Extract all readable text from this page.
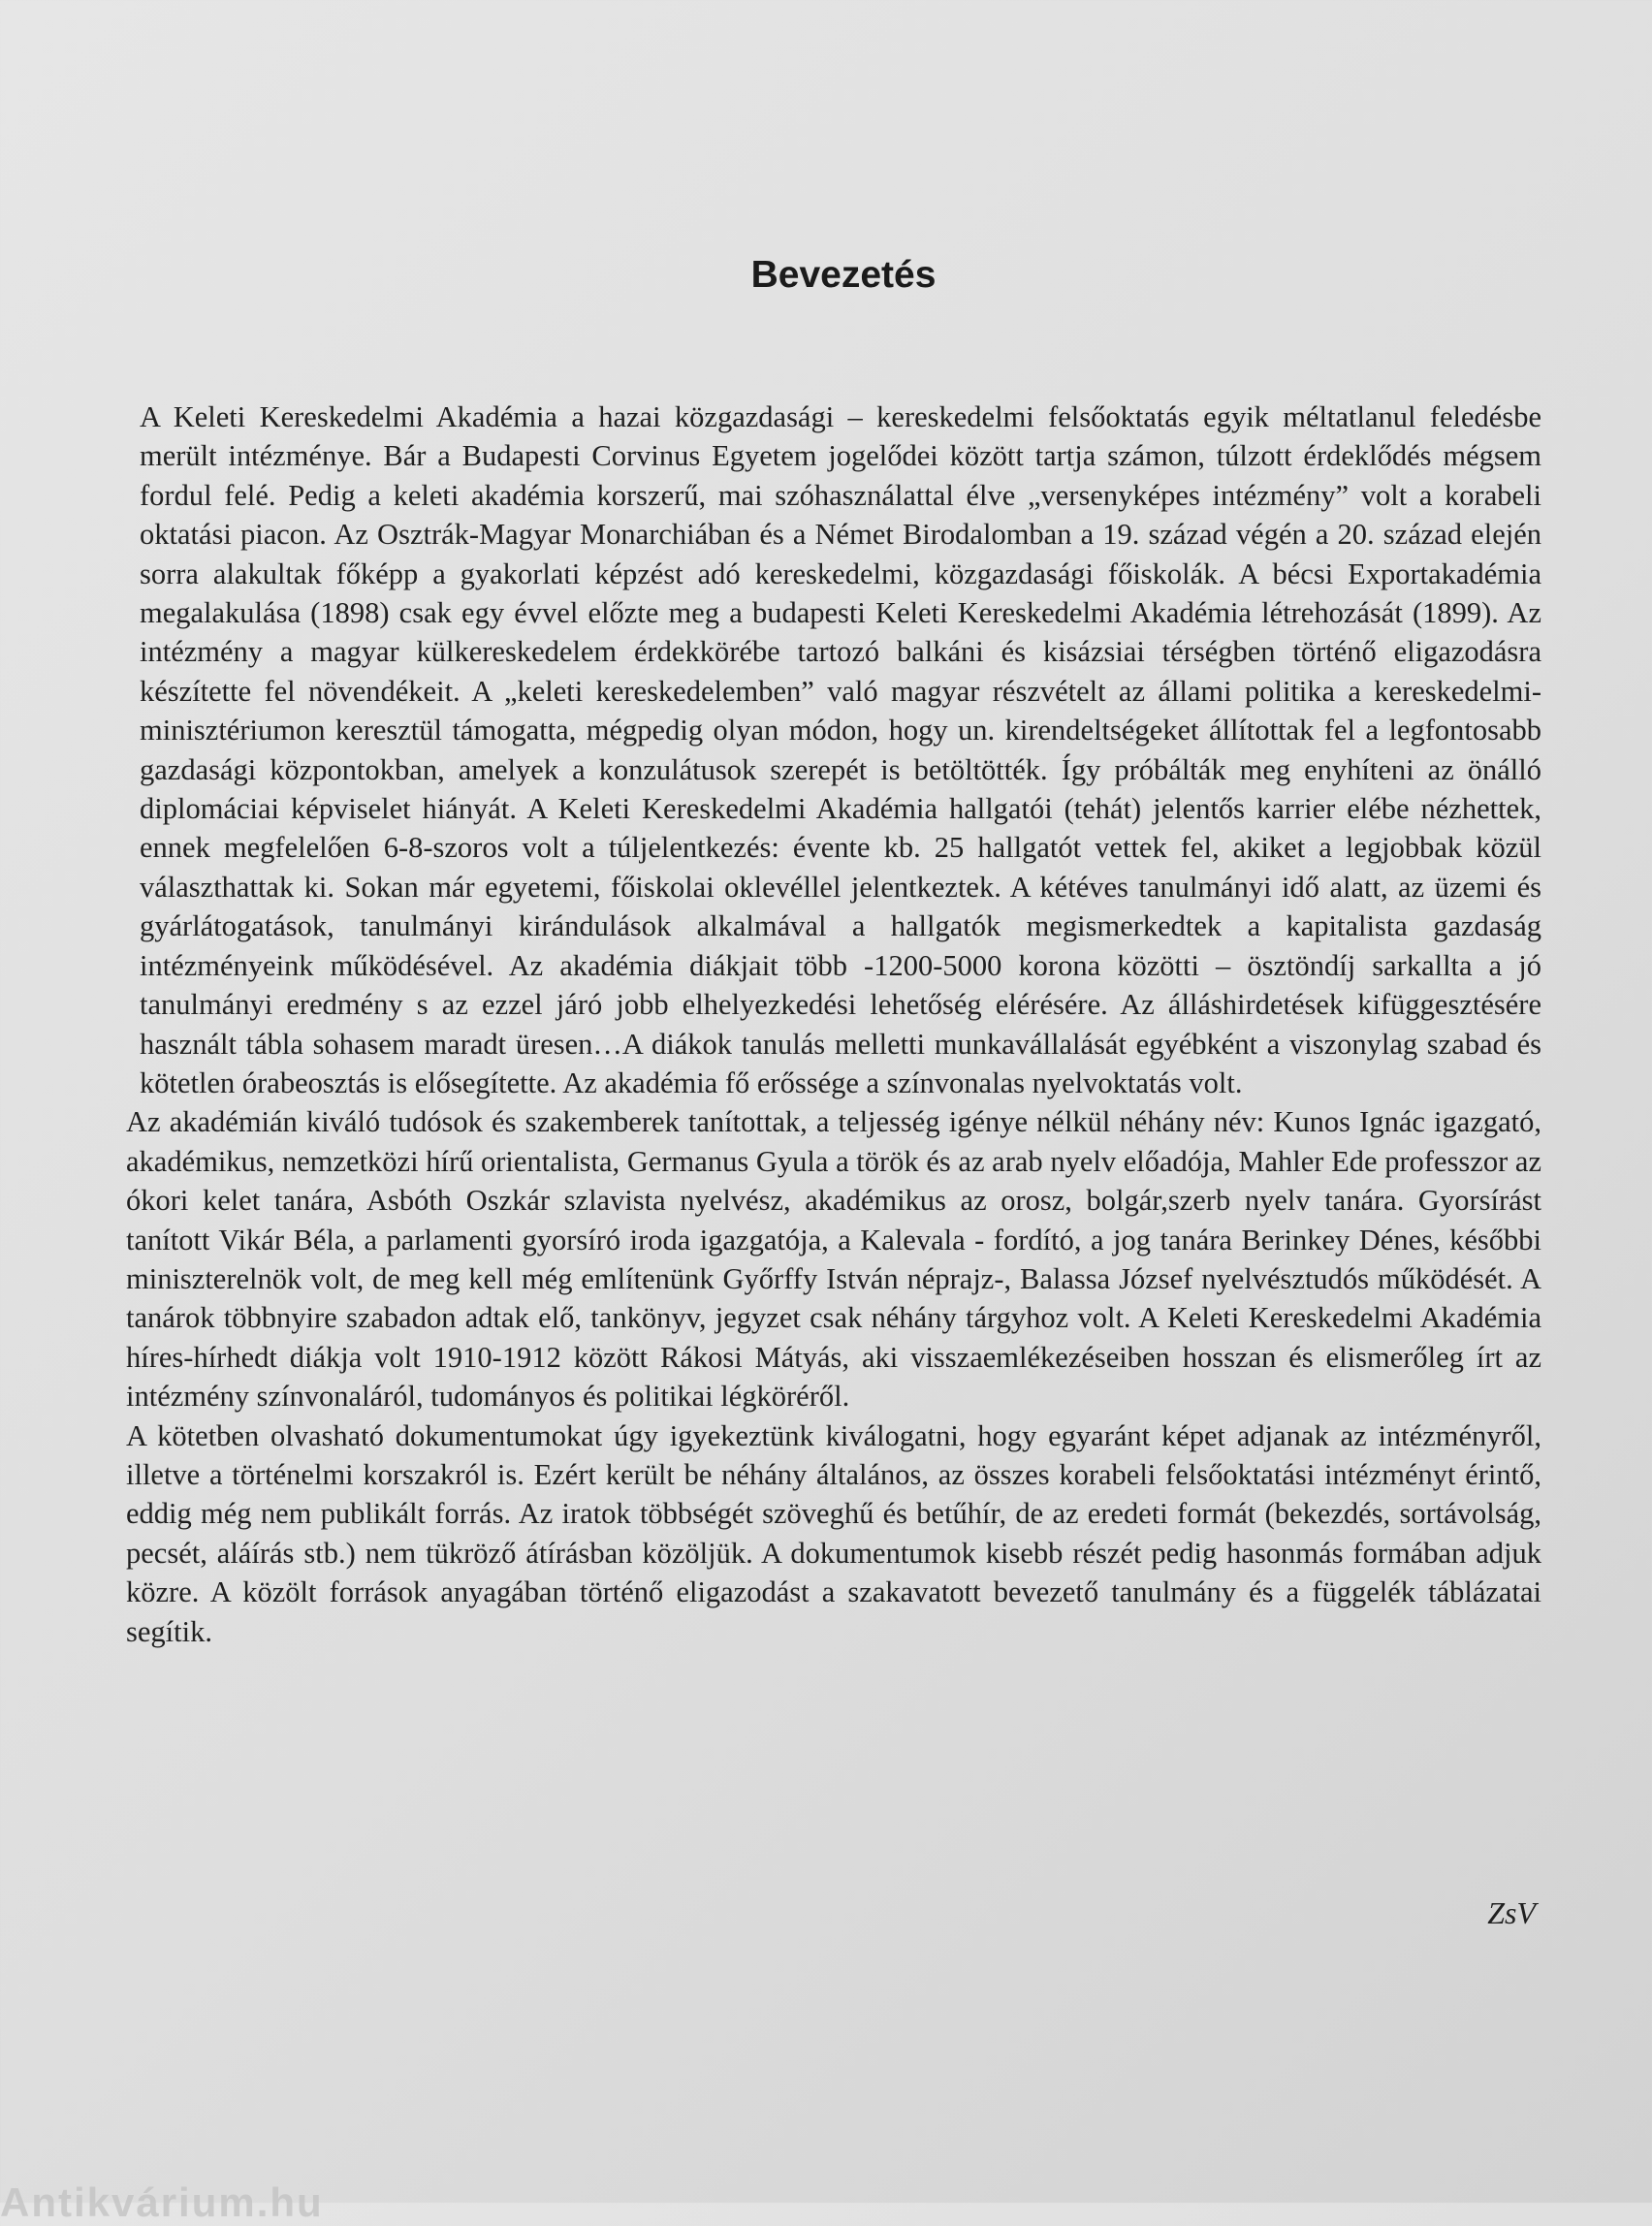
Bevezetés

A Keleti Kereskedelmi Akadémia a hazai közgazdasági – kereskedelmi felsőoktatás egyik méltatlanul feledésbe merült intézménye. Bár a Budapesti Corvinus Egyetem jogelődei között tartja számon, túlzott érdeklődés mégsem fordul felé. Pedig a keleti akadémia korszerű, mai szóhasználattal élve „versenyképes intézmény” volt a korabeli oktatási piacon. Az Osztrák-Magyar Monarchiában és a Német Birodalomban a 19. század végén a 20. század elején sorra alakultak főképp a gyakorlati képzést adó kereskedelmi, közgazdasági főiskolák. A bécsi Exportakadémia megalakulása (1898) csak egy évvel előzte meg a budapesti Keleti Kereskedelmi Akadémia létrehozását (1899). Az intézmény a magyar külkereskedelem érdekkörébe tartozó balkáni és kisázsiai térségben történő eligazodásra készítette fel növendékeit. A „keleti kereskedelemben” való magyar részvételt az állami politika a kereskedelmi-minisztériumon keresztül támogatta, mégpedig olyan módon, hogy un. kirendeltségeket állítottak fel a legfontosabb gazdasági központokban, amelyek a konzulátusok szerepét is betöltötték. Így próbálták meg enyhíteni az önálló diplomáciai képviselet hiányát. A Keleti Kereskedelmi Akadémia hallgatói (tehát) jelentős karrier elébe nézhettek, ennek megfelelően 6-8-szoros volt a túljelentkezés: évente kb. 25 hallgatót vettek fel, akiket a legjobbak közül választhattak ki. Sokan már egyetemi, főiskolai oklevéllel jelentkeztek. A kétéves tanulmányi idő alatt, az üzemi és gyárlátogatások, tanulmányi kirándulások alkalmával a hallgatók megismerkedtek a kapitalista gazdaság intézményeink működésével. Az akadémia diákjait több -1200-5000 korona közötti – ösztöndíj sarkallta a jó tanulmányi eredmény s az ezzel járó jobb elhelyezkedési lehetőség elérésére. Az álláshirdetések kifüggesztésére használt tábla sohasem maradt üresen…A diákok tanulás melletti munkavállalását egyébként a viszonylag szabad és kötetlen órabeosztás is elősegítette. Az akadémia fő erőssége a színvonalas nyelvoktatás volt.

Az akadémián kiváló tudósok és szakemberek tanítottak, a teljesség igénye nélkül néhány név: Kunos Ignác igazgató, akadémikus, nemzetközi hírű orientalista, Germanus Gyula a török és az arab nyelv előadója, Mahler Ede professzor az ókori kelet tanára, Asbóth Oszkár szlavista nyelvész, akadémikus az orosz, bolgár,szerb nyelv tanára. Gyorsírást tanított Vikár Béla, a parlamenti gyorsíró iroda igazgatója, a Kalevala - fordító, a jog tanára Berinkey Dénes, későbbi miniszterelnök volt, de meg kell még említenünk Győrffy István néprajz-, Balassa József nyelvésztudós működését. A tanárok többnyire szabadon adtak elő, tankönyv, jegyzet csak néhány tárgyhoz volt. A Keleti Kereskedelmi Akadémia híres-hírhedt diákja volt 1910-1912 között Rákosi Mátyás, aki visszaemlékezéseiben hosszan és elismerőleg írt az intézmény színvonaláról, tudományos és politikai légköréről.

A kötetben olvasható dokumentumokat úgy igyekeztünk kiválogatni, hogy egyaránt képet adjanak az intézményről, illetve a történelmi korszakról is. Ezért került be néhány általános, az összes korabeli felsőoktatási intézményt érintő, eddig még nem publikált forrás. Az iratok többségét szöveghű és betűhír, de az eredeti formát (bekezdés, sortávolság, pecsét, aláírás stb.) nem tükröző átírásban közöljük. A dokumentumok kisebb részét pedig hasonmás formában adjuk közre. A közölt források anyagában történő eligazodást a szakavatott bevezető tanulmány és a függelék táblázatai segítik.

ZsV
Antikvárium.hu
